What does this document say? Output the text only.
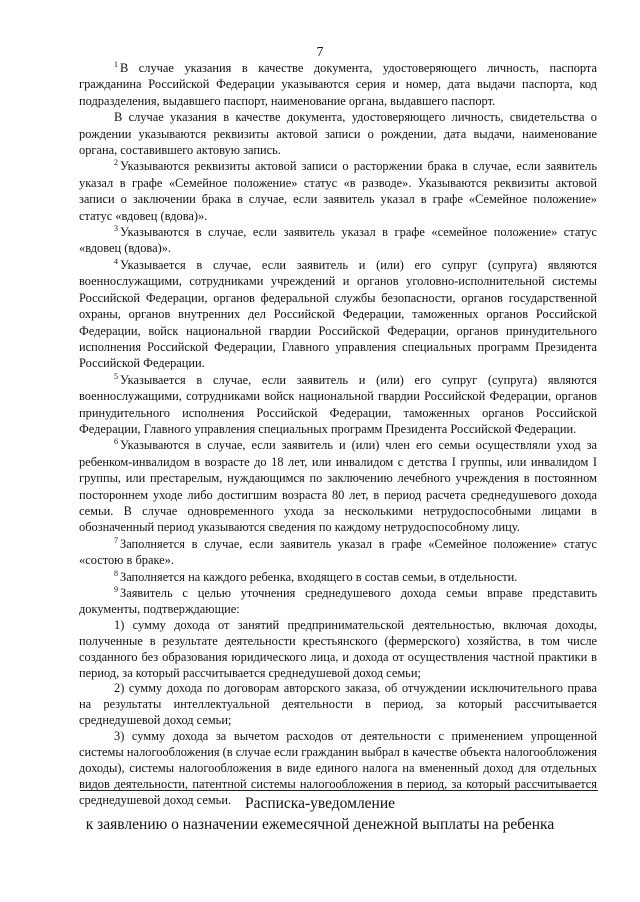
7

$^1$ В случае указания в качестве документа, удостоверяющего личность, паспорта гражданина Российской Федерации указываются серия и номер, дата выдачи паспорта, код подразделения, выдавшего паспорт, наименование органа, выдавшего паспорт.

В случае указания в качестве документа, удостоверяющего личность, свидетельства о рождении указываются реквизиты актовой записи о рождении, дата выдачи, наименование органа, составившего актовую запись.

$^2$ Указываются реквизиты актовой записи о расторжении брака в случае, если заявитель указал в графе «Семейное положение» статус «в разводе». Указываются реквизиты актовой записи о заключении брака в случае, если заявитель указал в графе «Семейное положение» статус «вдовец (вдова)».

$^3$ Указываются в случае, если заявитель указал в графе «семейное положение» статус «вдовец (вдова)».

$^4$ Указывается в случае, если заявитель и (или) его супруг (супруга) являются военнослужащими, сотрудниками учреждений и органов уголовно-исполнительной системы Российской Федерации, органов федеральной службы безопасности, органов государственной охраны, органов внутренних дел Российской Федерации, таможенных органов Российской Федерации, войск национальной гвардии Российской Федерации, органов принудительного исполнения Российской Федерации, Главного управления специальных программ Президента Российской Федерации.

$^5$ Указывается в случае, если заявитель и (или) его супруг (супруга) являются военнослужащими, сотрудниками войск национальной гвардии Российской Федерации, органов принудительного исполнения Российской Федерации, таможенных органов Российской Федерации, Главного управления специальных программ Президента Российской Федерации.

$^6$ Указываются в случае, если заявитель и (или) член его семьи осуществляли уход за ребенком-инвалидом в возрасте до 18 лет, или инвалидом с детства I группы, или инвалидом I группы, или престарелым, нуждающимся по заключению лечебного учреждения в постоянном постороннем уходе либо достигшим возраста 80 лет, в период расчета среднедушевого дохода семьи. В случае одновременного ухода за несколькими нетрудоспособными лицами в обозначенный период указываются сведения по каждому нетрудоспособному лицу.

$^7$ Заполняется в случае, если заявитель указал в графе «Семейное положение» статус «состою в браке».

$^8$ Заполняется на каждого ребенка, входящего в состав семьи, в отдельности.

$^9$ Заявитель с целью уточнения среднедушевого дохода семьи вправе представить документы, подтверждающие:

1) сумму дохода от занятий предпринимательской деятельностью, включая доходы, полученные в результате деятельности крестьянского (фермерского) хозяйства, в том числе созданного без образования юридического лица, и дохода от осуществления частной практики в период, за который рассчитывается среднедушевой доход семьи;

2) сумму дохода по договорам авторского заказа, об отчуждении исключительного права на результаты интеллектуальной деятельности в период, за который рассчитывается среднедушевой доход семьи;

3) сумму дохода за вычетом расходов от деятельности с применением упрощенной системы налогообложения (в случае если гражданин выбрал в качестве объекта налогообложения доходы), системы налогообложения в виде единого налога на вмененный доход для отдельных видов деятельности, патентной системы налогообложения в период, за который рассчитывается среднедушевой доход семьи. Расписка-уведомление
к заявлению о назначении ежемесячной денежной выплаты на ребенка
